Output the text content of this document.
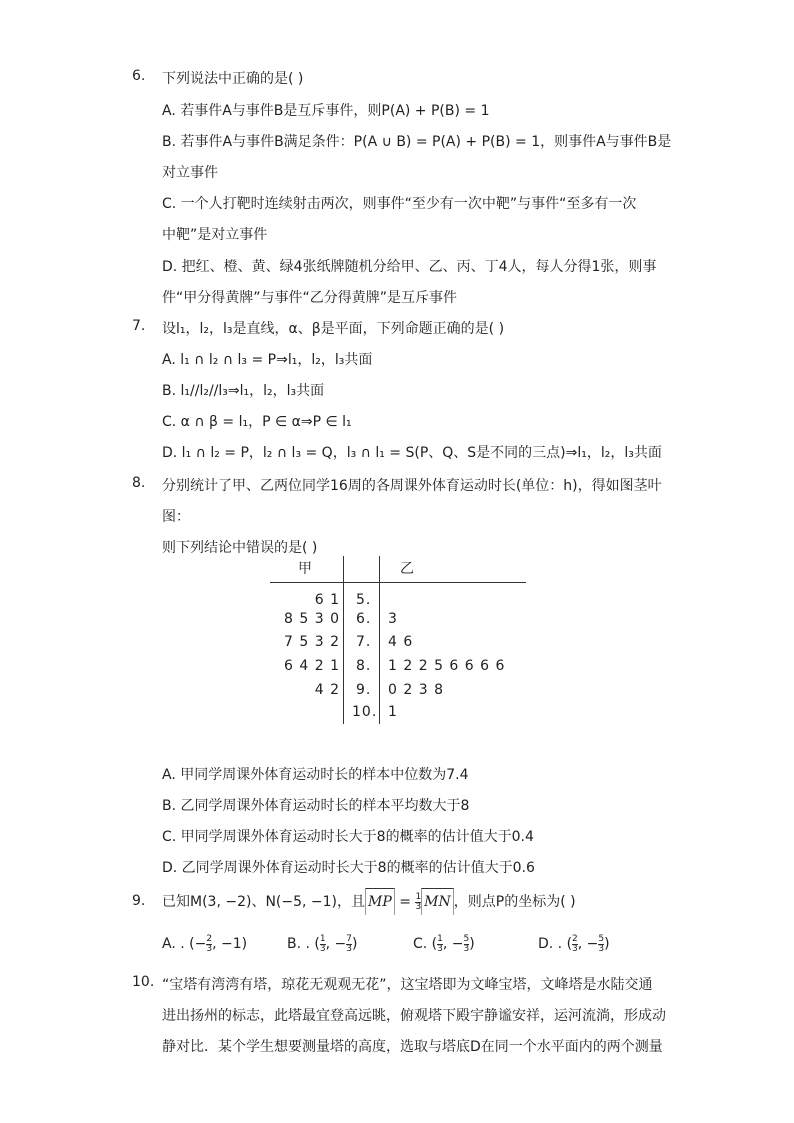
6. 下列说法中正确的是( )
A. 若事件A与事件B是互斥事件，则P(A) + P(B) = 1
B. 若事件A与事件B满足条件：P(A ∪ B) = P(A) + P(B) = 1，则事件A与事件B是
对立事件
C. 一个人打靶时连续射击两次，则事件“至少有一次中靶”与事件“至多有一次
中靶”是对立事件
D. 把红、橙、黄、绿4张纸牌随机分给甲、乙、丙、丁4人，每人分得1张，则事
件“甲分得黄牌”与事件“乙分得黄牌”是互斥事件
7. 设l₁，l₂，l₃是直线，α、β是平面，下列命题正确的是( )
A. l₁ ∩ l₂ ∩ l₃ = P⇒l₁，l₂，l₃共面
B. l₁//l₂//l₃⇒l₁，l₂，l₃共面
C. α ∩ β = l₁，P ∈ α⇒P ∈ l₁
D. l₁ ∩ l₂ = P，l₂ ∩ l₃ = Q，l₃ ∩ l₁ = S(P、Q、S是不同的三点)⇒l₁，l₂，l₃共面
8. 分别统计了甲、乙两位同学16周的各周课外体育运动时长(单位：h)，得如图茎叶
图：
则下列结论中错误的是( )
甲	乙
6 1 5.
8 5 3 0 6. 3
7 5 3 2 7. 4 6
6 4 2 1 8. 1 2 2 5 6 6 6 6
4 2 9. 0 2 3 8
10. 1
A. 甲同学周课外体育运动时长的样本中位数为7.4
B. 乙同学周课外体育运动时长的样本平均数大于8
C. 甲同学周课外体育运动时长大于8的概率的估计值大于0.4
D. 乙同学周课外体育运动时长大于8的概率的估计值大于0.6
9. 已知M(3, −2)、N(−5, −1)，且 MP = $\frac{1}{3}$ MN ，则点P的坐标为( )
A. . (− $\frac{2}{3}$ , −1)	B. . ( $\frac{1}{3}$ , − $\frac{7}{3}$ )	C. ( $\frac{1}{3}$ , − $\frac{5}{3}$ )	D. . ( $\frac{2}{3}$ , − $\frac{5}{3}$ )
10. “宝塔有湾湾有塔，琼花无观观无花”，这宝塔即为文峰宝塔，文峰塔是水陆交通
进出扬州的标志，此塔最宜登高远眺，俯观塔下殿宇静谧安祥，运河流淌，形成动
静对比．某个学生想要测量塔的高度，选取与塔底D在同一个水平面内的两个测量
